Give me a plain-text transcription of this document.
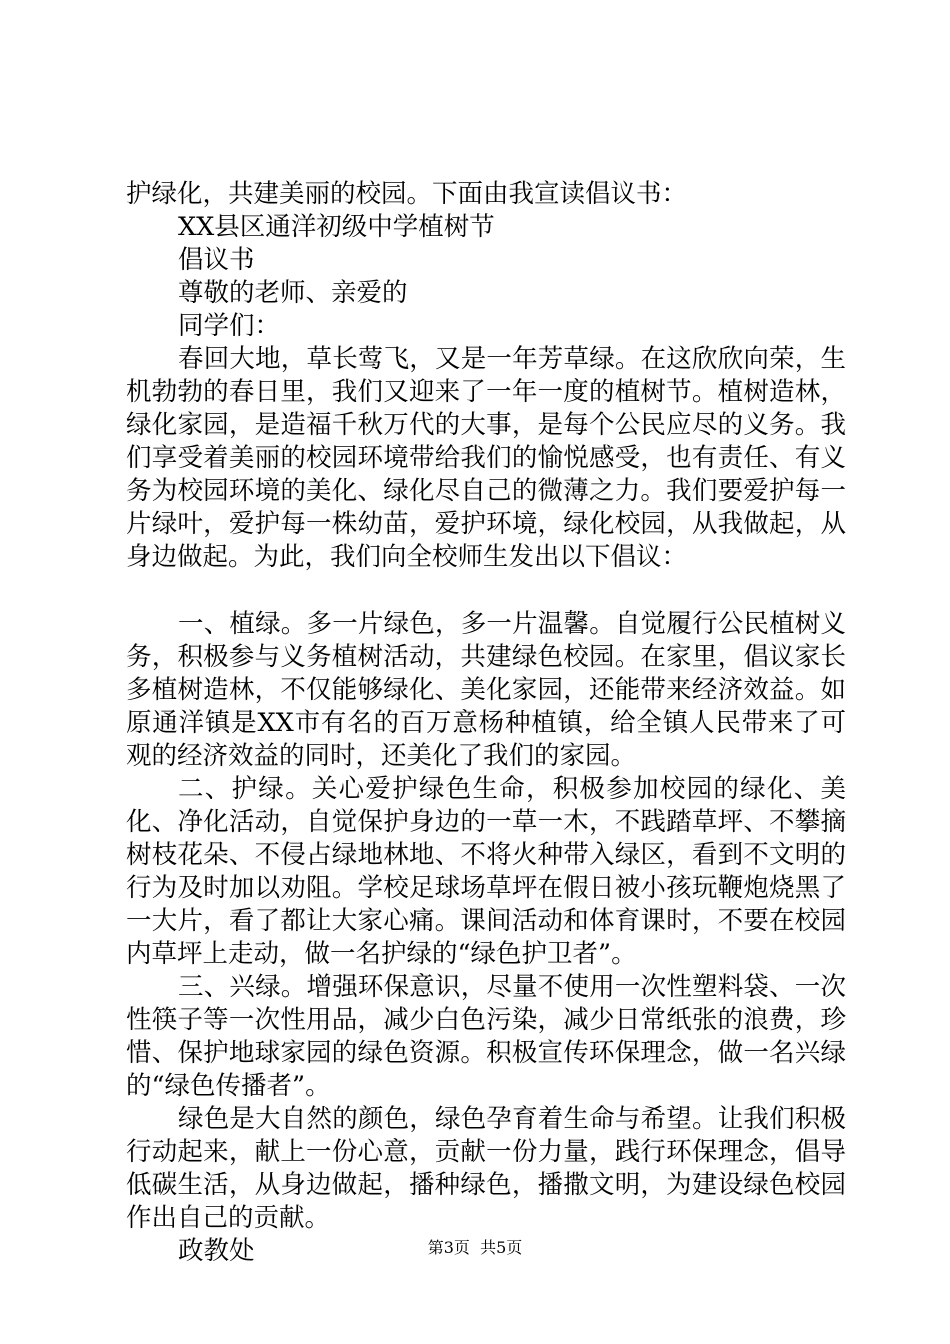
护绿化，共建美丽的校园。下面由我宣读倡议书：
XX县区通洋初级中学植树节
倡议书
尊敬的老师、亲爱的
同学们：
春回大地，草长莺飞，又是一年芳草绿。在这欣欣向荣，生机勃勃的春日里，我们又迎来了一年一度的植树节。植树造林，绿化家园，是造福千秋万代的大事，是每个公民应尽的义务。我们享受着美丽的校园环境带给我们的愉悦感受，也有责任、有义务为校园环境的美化、绿化尽自己的微薄之力。我们要爱护每一片绿叶，爱护每一株幼苗，爱护环境，绿化校园，从我做起，从身边做起。为此，我们向全校师生发出以下倡议：
一、植绿。多一片绿色，多一片温馨。自觉履行公民植树义务，积极参与义务植树活动，共建绿色校园。在家里，倡议家长多植树造林，不仅能够绿化、美化家园，还能带来经济效益。如原通洋镇是XX市有名的百万意杨种植镇，给全镇人民带来了可观的经济效益的同时，还美化了我们的家园。
二、护绿。关心爱护绿色生命，积极参加校园的绿化、美化、净化活动，自觉保护身边的一草一木，不践踏草坪、不攀摘树枝花朵、不侵占绿地林地、不将火种带入绿区，看到不文明的行为及时加以劝阻。学校足球场草坪在假日被小孩玩鞭炮烧黑了一大片，看了都让大家心痛。课间活动和体育课时，不要在校园内草坪上走动，做一名护绿的“绿色护卫者”。
三、兴绿。增强环保意识，尽量不使用一次性塑料袋、一次性筷子等一次性用品，减少白色污染，减少日常纸张的浪费，珍惜、保护地球家园的绿色资源。积极宣传环保理念，做一名兴绿的“绿色传播者”。
绿色是大自然的颜色，绿色孕育着生命与希望。让我们积极行动起来，献上一份心意，贡献一份力量，践行环保理念，倡导低碳生活，从身边做起，播种绿色，播撒文明，为建设绿色校园作出自己的贡献。
政教处	第3页  共5页
